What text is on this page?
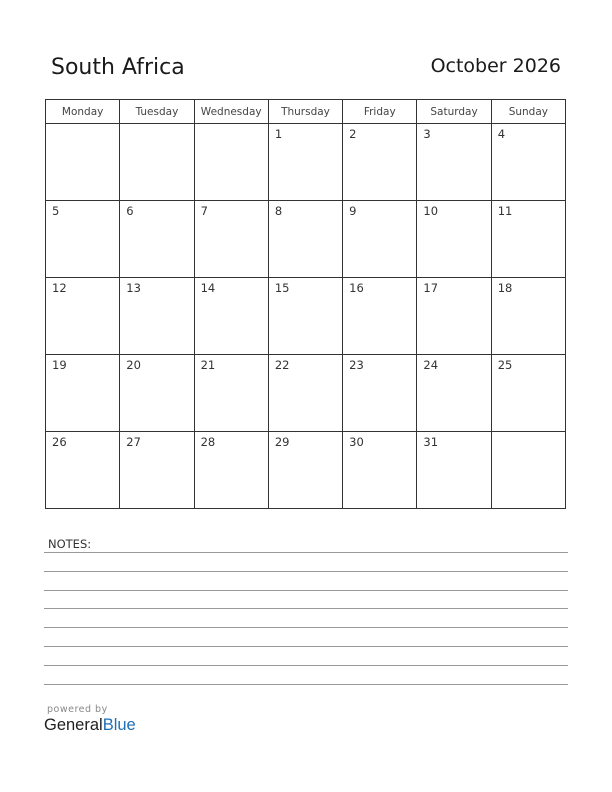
South Africa	October 2026
Monday	Tuesday	Wednesday	Thursday	Friday	Saturday	Sunday

			1	2	3	4

5	6	7	8	9	10	11

12	13	14	15	16	17	18

19	20	21	22	23	24	25

26	27	28	29	30	31	

NOTES:
powered by
GeneralBlue
